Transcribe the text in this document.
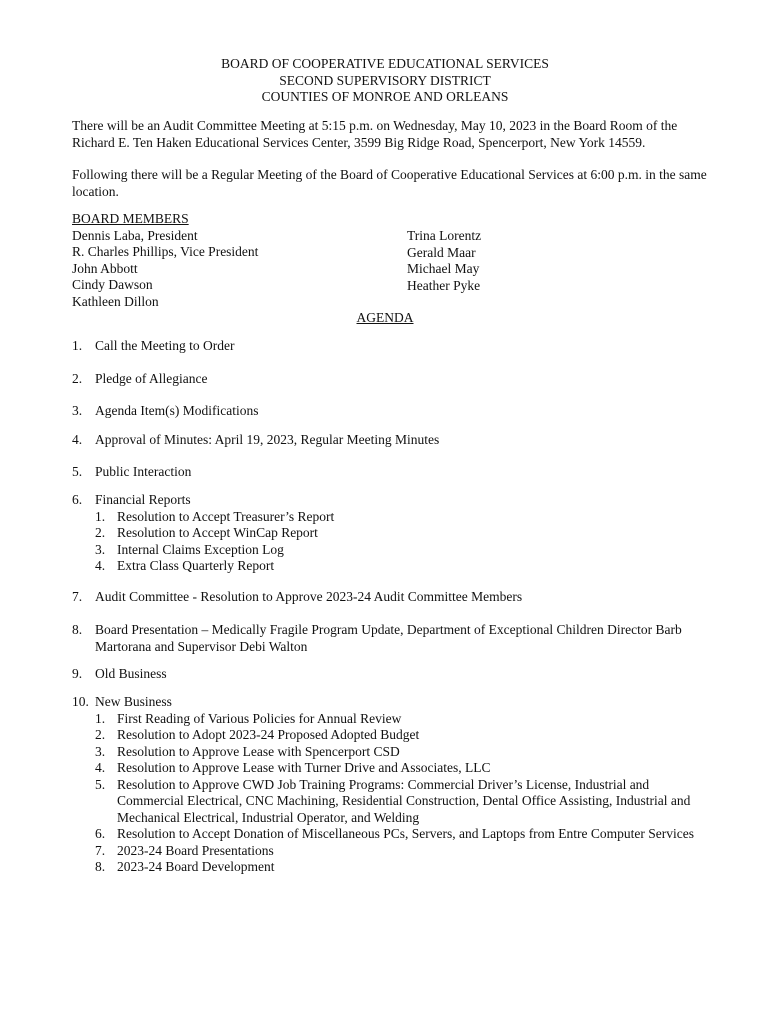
BOARD OF COOPERATIVE EDUCATIONAL SERVICES
SECOND SUPERVISORY DISTRICT
COUNTIES OF MONROE AND ORLEANS
There will be an Audit Committee Meeting at 5:15 p.m. on Wednesday, May 10, 2023 in the Board Room of the Richard E. Ten Haken Educational Services Center, 3599 Big Ridge Road, Spencerport, New York 14559.
Following there will be a Regular Meeting of the Board of Cooperative Educational Services at 6:00 p.m. in the same location.
BOARD MEMBERS
Dennis Laba, President
R. Charles Phillips, Vice President
John Abbott
Cindy Dawson
Kathleen Dillon
Trina Lorentz
Gerald Maar
Michael May
Heather Pyke
AGENDA
1. Call the Meeting to Order
2. Pledge of Allegiance
3. Agenda Item(s) Modifications
4. Approval of Minutes: April 19, 2023, Regular Meeting Minutes
5. Public Interaction
6. Financial Reports
1. Resolution to Accept Treasurer’s Report
2. Resolution to Accept WinCap Report
3. Internal Claims Exception Log
4. Extra Class Quarterly Report
7. Audit Committee - Resolution to Approve 2023-24 Audit Committee Members
8. Board Presentation – Medically Fragile Program Update, Department of Exceptional Children Director Barb Martorana and Supervisor Debi Walton
9. Old Business
10. New Business
1. First Reading of Various Policies for Annual Review
2. Resolution to Adopt 2023-24 Proposed Adopted Budget
3. Resolution to Approve Lease with Spencerport CSD
4. Resolution to Approve Lease with Turner Drive and Associates, LLC
5. Resolution to Approve CWD Job Training Programs: Commercial Driver’s License, Industrial and Commercial Electrical, CNC Machining, Residential Construction, Dental Office Assisting, Industrial and Mechanical Electrical, Industrial Operator, and Welding
6. Resolution to Accept Donation of Miscellaneous PCs, Servers, and Laptops from Entre Computer Services
7. 2023-24 Board Presentations
8. 2023-24 Board Development
